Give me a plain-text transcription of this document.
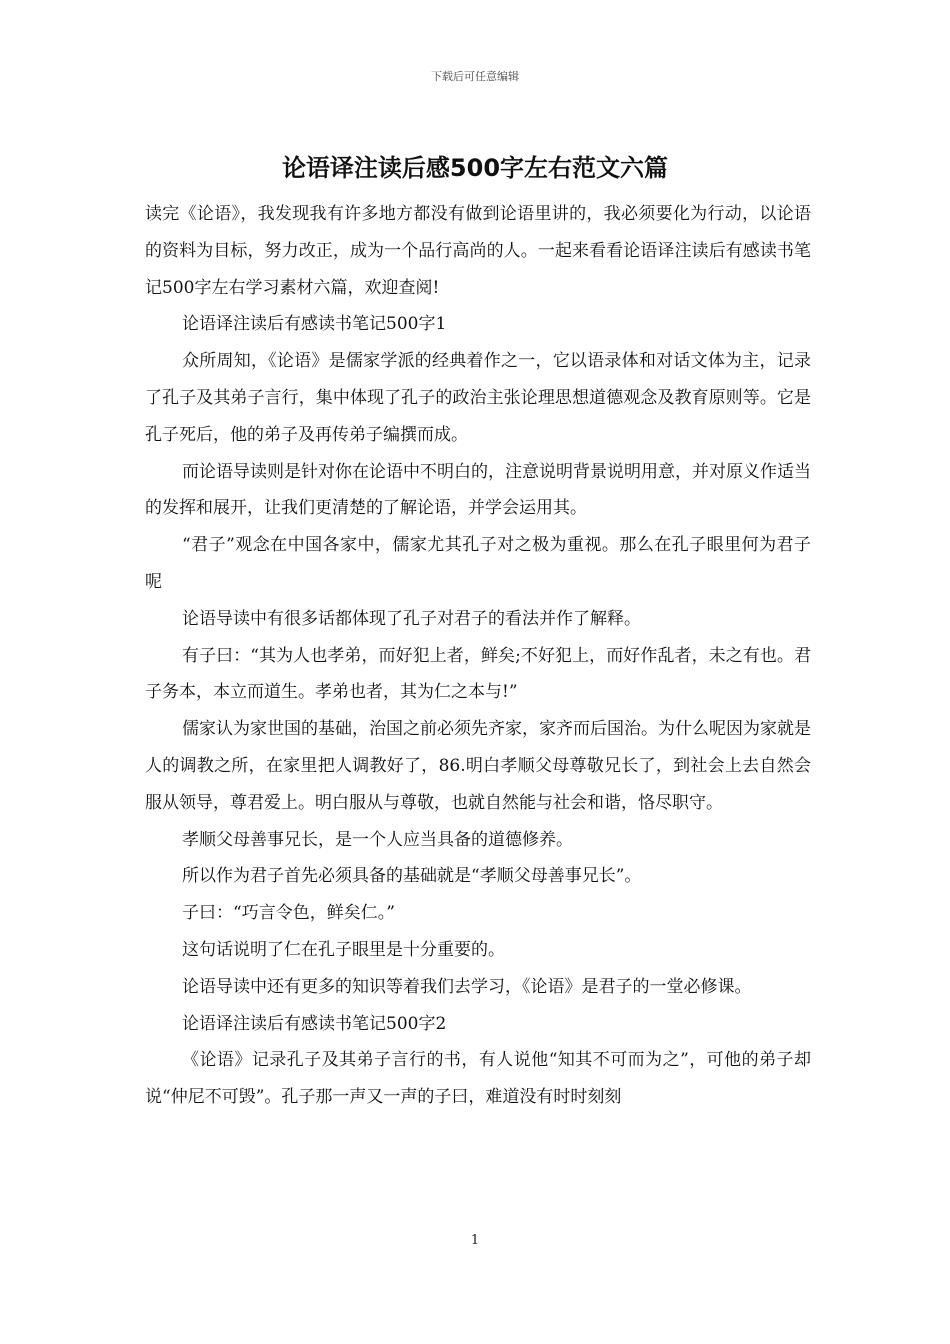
下载后可任意编辑
论语译注读后感500字左右范文六篇

读完《论语》，我发现我有许多地方都没有做到论语里讲的，我必须要化为行动，以论语的资料为目标，努力改正，成为一个品行高尚的人。一起来看看论语译注读后有感读书笔记500字左右学习素材六篇，欢迎查阅!

论语译注读后有感读书笔记500字1

众所周知，《论语》是儒家学派的经典着作之一，它以语录体和对话文体为主，记录了孔子及其弟子言行，集中体现了孔子的政治主张论理思想道德观念及教育原则等。它是孔子死后，他的弟子及再传弟子编撰而成。

而论语导读则是针对你在论语中不明白的，注意说明背景说明用意，并对原义作适当的发挥和展开，让我们更清楚的了解论语，并学会运用其。

“君子”观念在中国各家中，儒家尤其孔子对之极为重视。那么在孔子眼里何为君子呢

论语导读中有很多话都体现了孔子对君子的看法并作了解释。

有子曰：“其为人也孝弟，而好犯上者，鲜矣;不好犯上，而好作乱者，未之有也。君子务本，本立而道生。孝弟也者，其为仁之本与!”

儒家认为家世国的基础，治国之前必须先齐家，家齐而后国治。为什么呢因为家就是人的调教之所，在家里把人调教好了，86.明白孝顺父母尊敬兄长了，到社会上去自然会服从领导，尊君爱上。明白服从与尊敬，也就自然能与社会和谐，恪尽职守。

孝顺父母善事兄长，是一个人应当具备的道德修养。

所以作为君子首先必须具备的基础就是“孝顺父母善事兄长”。

子曰：“巧言令色，鲜矣仁。”

这句话说明了仁在孔子眼里是十分重要的。

论语导读中还有更多的知识等着我们去学习，《论语》是君子的一堂必修课。

论语译注读后有感读书笔记500字2

《论语》记录孔子及其弟子言行的书，有人说他“知其不可而为之”，可他的弟子却说“仲尼不可毁”。孔子那一声又一声的子曰，难道没有时时刻刻

1
